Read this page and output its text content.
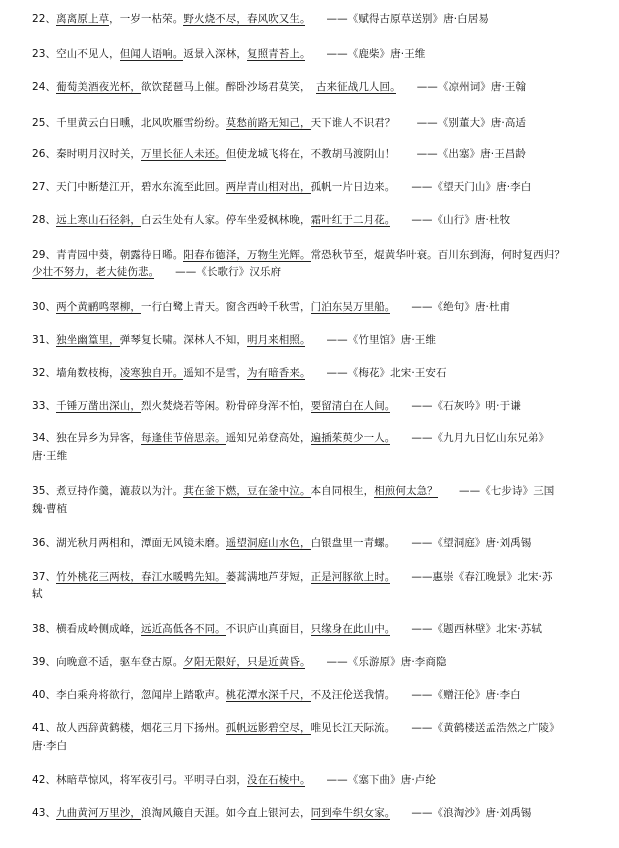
22、离离原上草，一岁一枯荣。野火烧不尽，春风吹又生。　　——《赋得古原草送别》唐·白居易
23、空山不见人，但闻人语响。返景入深林，复照青苔上。　　——《鹿柴》唐·王维
24、葡萄美酒夜光杯，欲饮琵琶马上催。醉卧沙场君莫笑，　古来征战几人回。　　——《凉州词》唐·王翰
25、千里黄云白日曛，北风吹雁雪纷纷。莫愁前路无知己，天下谁人不识君？　　——《别董大》唐·高适
26、秦时明月汉时关，万里长征人未还。但使龙城飞将在，不教胡马渡阴山！　　——《出塞》唐·王昌龄
27、天门中断楚江开，碧水东流至此回。两岸青山相对出，孤帆一片日边来。　　——《望天门山》唐·李白
28、远上寒山石径斜，白云生处有人家。停车坐爱枫林晚，霜叶红于二月花。　　——《山行》唐·杜牧
29、青青园中葵，朝露待日晞。阳春布德泽，万物生光辉。常恐秋节至，焜黄华叶衰。百川东到海，何时复西归？
少壮不努力，老大徒伤悲。　　——《长歌行》汉乐府
30、两个黄鹂鸣翠柳，一行白鹭上青天。窗含西岭千秋雪，门泊东吴万里船。　　——《绝句》唐·杜甫
31、独坐幽篁里，弹琴复长啸。深林人不知，明月来相照。　　——《竹里馆》唐·王维
32、墙角数枝梅，凌寒独自开。遥知不是雪，为有暗香来。　　——《梅花》北宋·王安石
33、千锤万凿出深山，烈火焚烧若等闲。粉骨碎身浑不怕，要留清白在人间。　　——《石灰吟》明·于谦
34、独在异乡为异客，每逢佳节倍思亲。遥知兄弟登高处，遍插茱萸少一人。　　——《九月九日忆山东兄弟》
唐·王维
35、煮豆持作羹，漉菽以为汁。萁在釜下燃，豆在釜中泣。本自同根生，相煎何太急？　　——《七步诗》三国
魏·曹植
36、湖光秋月两相和，潭面无风镜未磨。遥望洞庭山水色，白银盘里一青螺。　　——《望洞庭》唐·刘禹锡
37、竹外桃花三两枝，春江水暖鸭先知。蒌蒿满地芦芽短，正是河豚欲上时。　　——惠崇《春江晚景》北宋·苏
轼
38、横看成岭侧成峰，远近高低各不同。不识庐山真面目，只缘身在此山中。　　——《题西林壁》北宋·苏轼
39、向晚意不适，驱车登古原。夕阳无限好，只是近黄昏。　　——《乐游原》唐·李商隐
40、李白乘舟将欲行，忽闻岸上踏歌声。桃花潭水深千尺，不及汪伦送我情。　　——《赠汪伦》唐·李白
41、故人西辞黄鹤楼，烟花三月下扬州。孤帆远影碧空尽，唯见长江天际流。　　——《黄鹤楼送孟浩然之广陵》
唐·李白
42、林暗草惊风，将军夜引弓。平明寻白羽，没在石棱中。　　——《塞下曲》唐·卢纶
43、九曲黄河万里沙，浪淘风簸自天涯。如今直上银河去，同到牵牛织女家。　　——《浪淘沙》唐·刘禹锡
